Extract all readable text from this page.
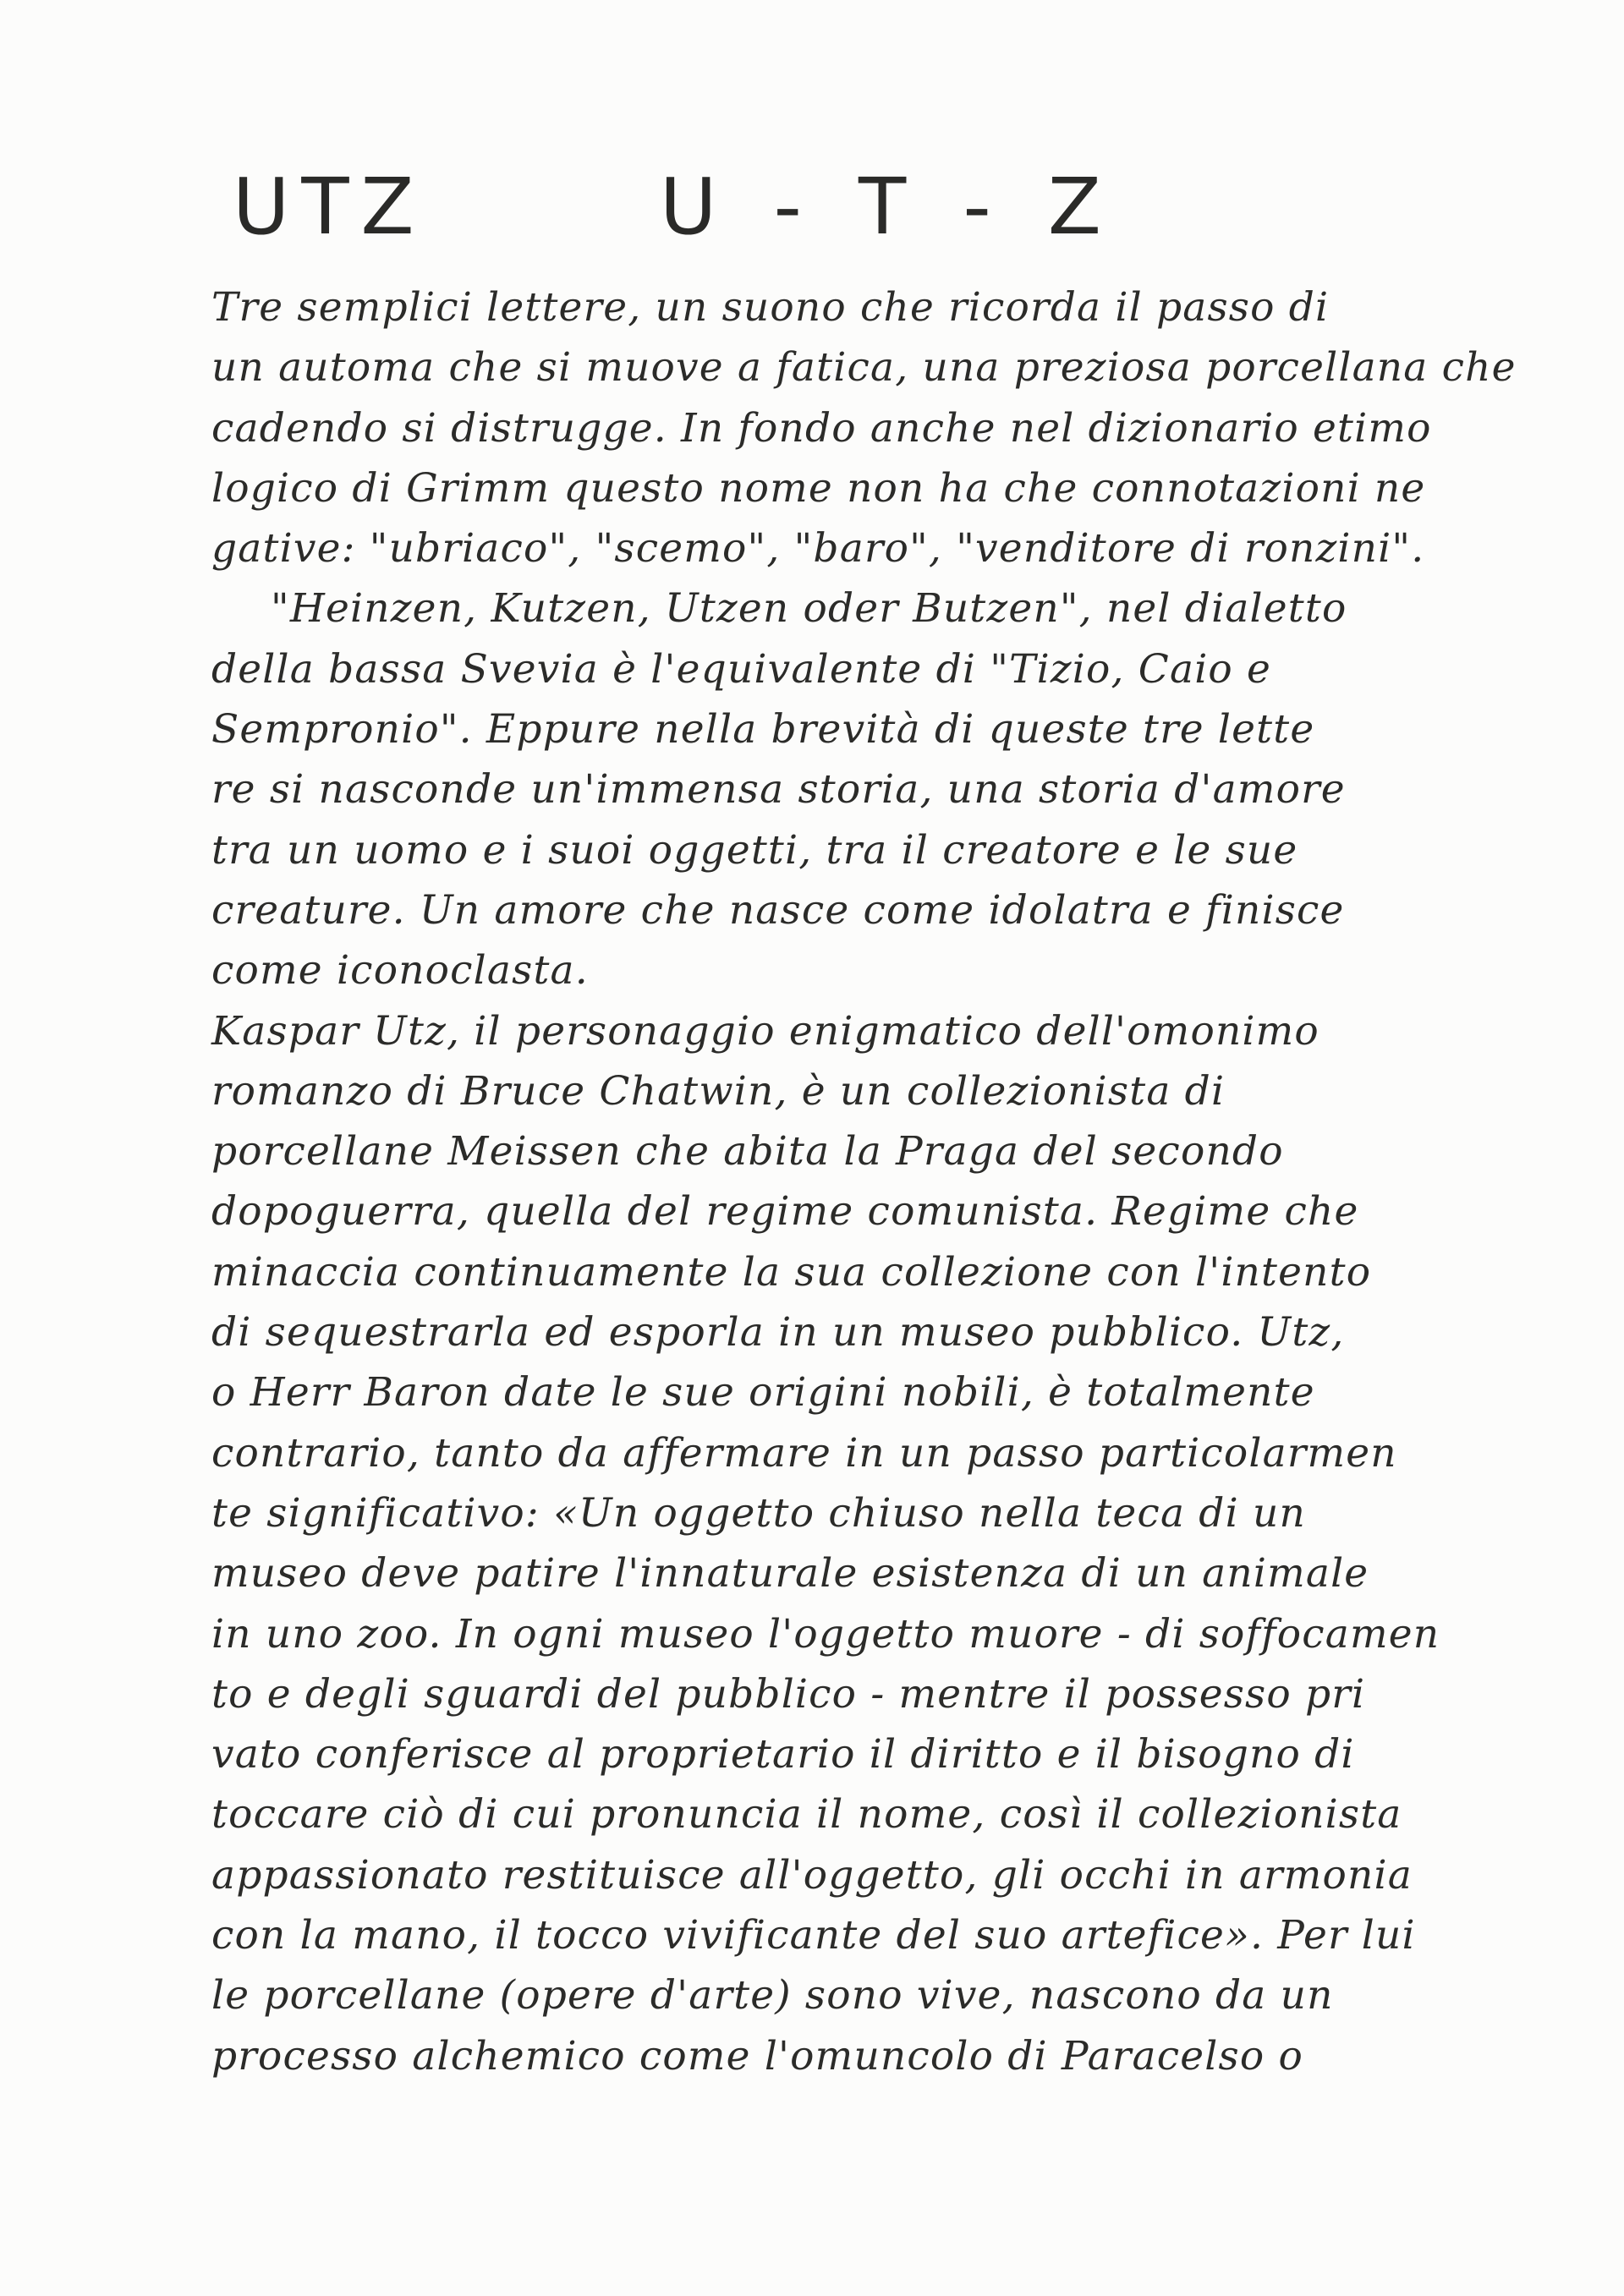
UTZ	U - T - Z
Tre semplici lettere, un suono che ricorda il passo di
un automa che si muove a fatica, una preziosa porcellana che
cadendo si distrugge. In fondo anche nel dizionario etimo
logico di Grimm questo nome non ha che connotazioni ne
gative: "ubriaco", "scemo", "baro", "venditore di ronzini".
"Heinzen, Kutzen, Utzen oder Butzen", nel dialetto
della bassa Svevia è l'equivalente di "Tizio, Caio e
Sempronio". Eppure nella brevità di queste tre lette
re si nasconde un'immensa storia, una storia d'amore
tra un uomo e i suoi oggetti, tra il creatore e le sue
creature. Un amore che nasce come idolatra e finisce
come iconoclasta.
Kaspar Utz, il personaggio enigmatico dell'omonimo
romanzo di Bruce Chatwin, è un collezionista di
porcellane Meissen che abita la Praga del secondo
dopoguerra, quella del regime comunista. Regime che
minaccia continuamente la sua collezione con l'intento
di sequestrarla ed esporla in un museo pubblico. Utz,
o Herr Baron date le sue origini nobili, è totalmente
contrario, tanto da affermare in un passo particolarmen
te significativo: «Un oggetto chiuso nella teca di un
museo deve patire l'innaturale esistenza di un animale
in uno zoo. In ogni museo l'oggetto muore - di soffocamen
to e degli sguardi del pubblico - mentre il possesso pri
vato conferisce al proprietario il diritto e il bisogno di
toccare ciò di cui pronuncia il nome, così il collezionista
appassionato restituisce all'oggetto, gli occhi in armonia
con la mano, il tocco vivificante del suo artefice». Per lui
le porcellane (opere d'arte) sono vive, nascono da un
processo alchemico come l'omuncolo di Paracelso o
